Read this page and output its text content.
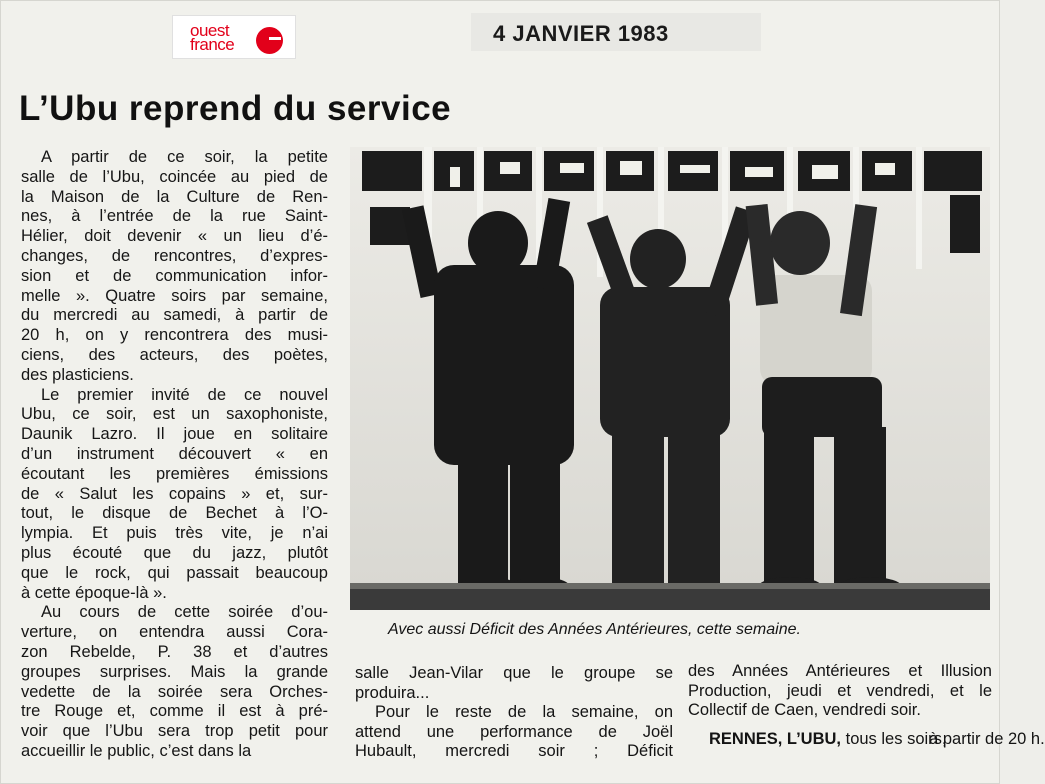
ouest
france	4 JANVIER 1983
L’Ubu reprend du service
A partir de ce soir, la petite
salle de l’Ubu, coincée au pied de
la Maison de la Culture de Ren-
nes, à l’entrée de la rue Saint-
Hélier, doit devenir « un lieu d’é-
changes, de rencontres, d’expres-
sion et de communication infor-
melle ». Quatre soirs par semaine,
du mercredi au samedi, à partir de
20 h, on y rencontrera des musi-
ciens, des acteurs, des poètes,
des plasticiens.
Le premier invité de ce nouvel
Ubu, ce soir, est un saxophoniste,
Daunik Lazro. Il joue en solitaire
d’un instrument découvert « en
écoutant les premières émissions
de « Salut les copains » et, sur-
tout, le disque de Bechet à l’O-
lympia. Et puis très vite, je n’ai
plus écouté que du jazz, plutôt
que le rock, qui passait beaucoup
à cette époque-là ».
Au cours de cette soirée d’ou-
verture, on entendra aussi Cora-
zon Rebelde, P. 38 et d’autres
groupes surprises. Mais la grande
vedette de la soirée sera Orches-
tre Rouge et, comme il est à pré-
voir que l’Ubu sera trop petit pour
accueillir le public, c’est dans la
Avec aussi Déficit des Années Antérieures, cette semaine.
salle Jean-Vilar que le groupe se
produira...
Pour le reste de la semaine, on
attend une performance de Joël
Hubault, mercredi soir ; Déficit
des Années Antérieures et Illusion
Production, jeudi et vendredi, et le
Collectif de Caen, vendredi soir.
RENNES, L’UBU, tous les soirs, à partir de 20 h.
